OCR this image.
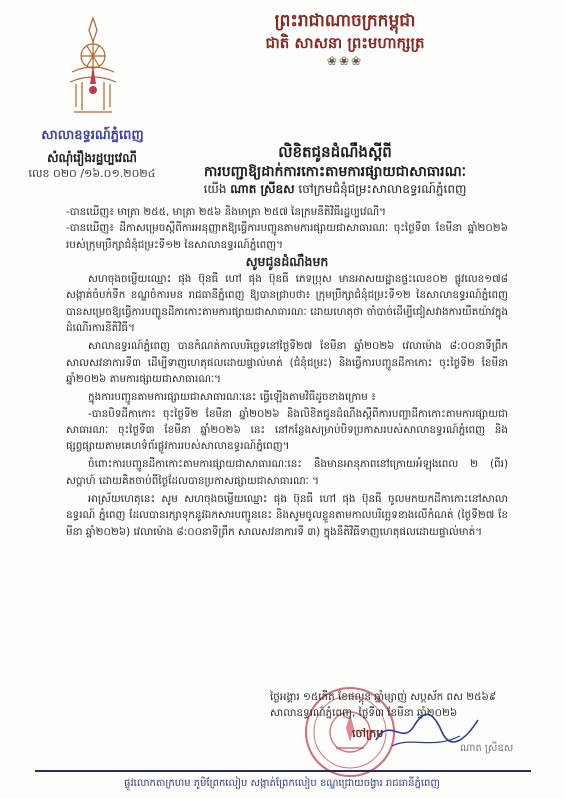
ព្រះរាជាណាចក្រកម្ពុជា
ជាតិ សាសនា ព្រះមហាក្សត្រ
❀❀❀
សាលាឧទ្ធរណ៍ភ្នំពេញ
សំណុំរឿងរដ្ឋប្បវេណី
លេខ ០២០ /១៦.០១.២០២៤
លិខិតជូនដំណឹងស្តីពី
ការបញ្ជាឱ្យដាក់ការកោះតាមការផ្សាយជាសាធារណៈ
យើង ណាត ស្រីឧស ចៅក្រមជំនុំជម្រះសាលាឧទ្ធរណ៍ភ្នំពេញ

-បានឃើញ៖ មាត្រា ២៥៥, មាត្រា ២៥៦ និងមាត្រា ២៥៧ នៃក្រមនីតិវិធីរដ្ឋប្បវេណី។

-បានឃើញ៖ ដីកាសម្រេចស្តីពីការអនុញ្ញាតឱ្យធ្វើការបញ្ជូនតាមការផ្សាយជាសាធារណៈ ចុះថ្ងៃទី៣ ខែមីនា ឆ្នាំ២០២៦ របស់ក្រុមប្រឹក្សាជំនុំជម្រះទី១២ នៃសាលាឧទ្ធរណ៍ភ្នំពេញ។

សូមជូនដំណឹងមក

សហចុងចម្លើយឈ្មោះ ផុង ប៊ុនធី ហៅ ផុង ប៊ុនធី ភេទប្រុស មានអាសយដ្ឋានផ្ទះលេខ០២ ផ្លូវលេខ១៧៨ សង្កាត់ចំបក់ទឹក ខណ្ឌចំការមន រាជធានីភ្នំពេញ ឱ្យបានជ្រាបថា៖ ក្រុមប្រឹក្សាជំនុំជម្រះទី១២ នៃសាលាឧទ្ធរណ៍ភ្នំពេញ បានសម្រេចឱ្យធ្វើការបញ្ជូនដីកាកោះតាមការផ្សាយជាសាធារណៈ ដោយហេតុថា ចាំបាច់ដើម្បីជៀសវាងការយឺតយ៉ាវក្នុងដំណើរការនីតិវិធី។

សាលាឧទ្ធរណ៍ភ្នំពេញ បានកំណត់កាលបរិច្ឆេទនៅថ្ងៃទី២៧ ខែមីនា ឆ្នាំ២០២៦ វេលាម៉ោង ៨:០០នាទីព្រឹក សាលសវនាការទី៣ ដើម្បីទាញហេតុផលដោយផ្ទាល់មាត់ (ជំនុំជម្រះ) និងធ្វើការបញ្ជូនដីកាកោះ ចុះថ្ងៃទី២ ខែមីនា ឆ្នាំ២០២៦ តាមការផ្សាយជាសាធារណៈ។

ក្នុងការបញ្ជូនតាមការផ្សាយជាសាធារណៈនេះ ធ្វើឡើងតាមវិធីដូចខាងក្រោម ៖

-បានបិទដីកាកោះ ចុះថ្ងៃទី២ ខែមីនា ឆ្នាំ២០២៦ និងលិខិតជូនដំណឹងស្តីពីការបញ្ជាដីកាកោះតាមការផ្សាយជាសាធារណៈ ចុះថ្ងៃទី៣ ខែមីនា ឆ្នាំ២០២៦ នេះ នៅកន្លែងសម្រាប់បិទប្រកាសរបស់សាលាឧទ្ធរណ៍ភ្នំពេញ និងផ្សព្វផ្សាយតាមគេហទំព័រផ្លូវការរបស់សាលាឧទ្ធរណ៍ភ្នំពេញ។

ចំពោះការបញ្ជូនដីកាកោះតាមការផ្សាយជាសាធារណៈនេះ នឹងមានអានុភាពនៅក្រោយអំឡុងពេល ២ (ពីរ) សប្តាហ៍ ដោយគិតចាប់ពីថ្ងៃដែលបានប្រកាសផ្សាយជាសាធារណៈ ។

អាស្រ័យហេតុនេះ សូម សហចុងចម្លើយឈ្មោះ ផុង ប៊ុនធី ហៅ ផុង ប៊ុនធី ចូលមកយកដីកាកោះនៅសាលាឧទ្ធរណ៍ ភ្នំពេញ ដែលបានរក្សាទុកនូវឯកសារបញ្ជូននេះ និងសូមចូលខ្លួនតាមកាលបរិច្ឆេទខាងលើកំណត់ (ថ្ងៃទី២៧ ខែមីនា ឆ្នាំ២០២៦) វេលាម៉ោង ៨:០០នាទីព្រឹក សាលសវនាការទី ៣) ក្នុងនីតិវិធីទាញហេតុផលដោយផ្ទាល់មាត់។

ថ្ងៃអង្គារ ១៥កើត ខែផល្គុន ឆ្នាំម្សាញ់ សប្តស័ក ពស ២៥៦៩
សាលាឧទ្ធរណ៍ភ្នំពេញ, ថ្ងៃទី៣ ខែមីនា ឆ្នាំ២០២៦
ចៅក្រម
ណាត ស្រីឧស
ផ្លូវលោកតាក្រហម ភូមិព្រែកលៀប សង្កាត់ព្រែកលៀប ខណ្ឌជ្រោយចង្វារ រាជធានីភ្នំពេញ
